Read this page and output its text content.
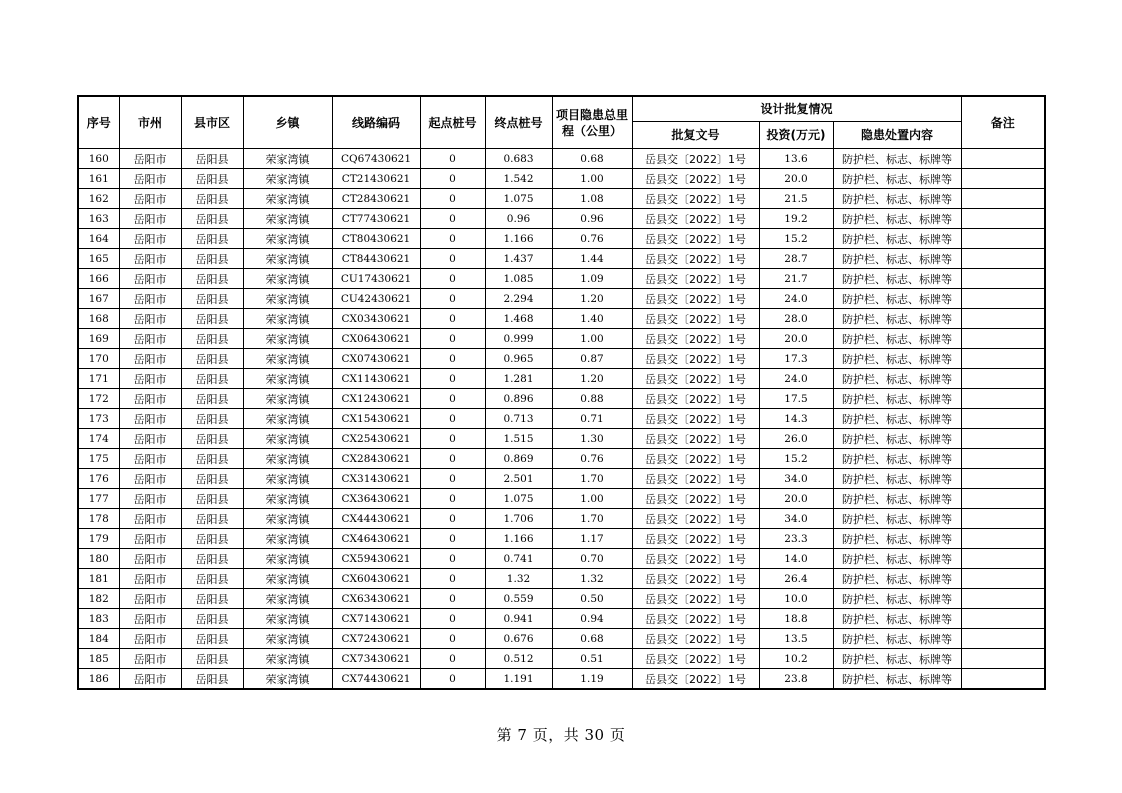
序号	市州	县市区	乡镇	线路编码	起点桩号	终点桩号	项目隐患总里程（公里）	设计批复情况			备注
								批复文号	投资(万元)	隐患处置内容	
160	岳阳市	岳阳县	荣家湾镇	CQ67430621	0	0.683	0.68	岳县交〔2022〕1号	13.6	防护栏、标志、标牌等	
161	岳阳市	岳阳县	荣家湾镇	CT21430621	0	1.542	1.00	岳县交〔2022〕1号	20.0	防护栏、标志、标牌等	
162	岳阳市	岳阳县	荣家湾镇	CT28430621	0	1.075	1.08	岳县交〔2022〕1号	21.5	防护栏、标志、标牌等	
163	岳阳市	岳阳县	荣家湾镇	CT77430621	0	0.96	0.96	岳县交〔2022〕1号	19.2	防护栏、标志、标牌等	
164	岳阳市	岳阳县	荣家湾镇	CT80430621	0	1.166	0.76	岳县交〔2022〕1号	15.2	防护栏、标志、标牌等	
165	岳阳市	岳阳县	荣家湾镇	CT84430621	0	1.437	1.44	岳县交〔2022〕1号	28.7	防护栏、标志、标牌等	
166	岳阳市	岳阳县	荣家湾镇	CU17430621	0	1.085	1.09	岳县交〔2022〕1号	21.7	防护栏、标志、标牌等	
167	岳阳市	岳阳县	荣家湾镇	CU42430621	0	2.294	1.20	岳县交〔2022〕1号	24.0	防护栏、标志、标牌等	
168	岳阳市	岳阳县	荣家湾镇	CX03430621	0	1.468	1.40	岳县交〔2022〕1号	28.0	防护栏、标志、标牌等	
169	岳阳市	岳阳县	荣家湾镇	CX06430621	0	0.999	1.00	岳县交〔2022〕1号	20.0	防护栏、标志、标牌等	
170	岳阳市	岳阳县	荣家湾镇	CX07430621	0	0.965	0.87	岳县交〔2022〕1号	17.3	防护栏、标志、标牌等	
171	岳阳市	岳阳县	荣家湾镇	CX11430621	0	1.281	1.20	岳县交〔2022〕1号	24.0	防护栏、标志、标牌等	
172	岳阳市	岳阳县	荣家湾镇	CX12430621	0	0.896	0.88	岳县交〔2022〕1号	17.5	防护栏、标志、标牌等	
173	岳阳市	岳阳县	荣家湾镇	CX15430621	0	0.713	0.71	岳县交〔2022〕1号	14.3	防护栏、标志、标牌等	
174	岳阳市	岳阳县	荣家湾镇	CX25430621	0	1.515	1.30	岳县交〔2022〕1号	26.0	防护栏、标志、标牌等	
175	岳阳市	岳阳县	荣家湾镇	CX28430621	0	0.869	0.76	岳县交〔2022〕1号	15.2	防护栏、标志、标牌等	
176	岳阳市	岳阳县	荣家湾镇	CX31430621	0	2.501	1.70	岳县交〔2022〕1号	34.0	防护栏、标志、标牌等	
177	岳阳市	岳阳县	荣家湾镇	CX36430621	0	1.075	1.00	岳县交〔2022〕1号	20.0	防护栏、标志、标牌等	
178	岳阳市	岳阳县	荣家湾镇	CX44430621	0	1.706	1.70	岳县交〔2022〕1号	34.0	防护栏、标志、标牌等	
179	岳阳市	岳阳县	荣家湾镇	CX46430621	0	1.166	1.17	岳县交〔2022〕1号	23.3	防护栏、标志、标牌等	
180	岳阳市	岳阳县	荣家湾镇	CX59430621	0	0.741	0.70	岳县交〔2022〕1号	14.0	防护栏、标志、标牌等	
181	岳阳市	岳阳县	荣家湾镇	CX60430621	0	1.32	1.32	岳县交〔2022〕1号	26.4	防护栏、标志、标牌等	
182	岳阳市	岳阳县	荣家湾镇	CX63430621	0	0.559	0.50	岳县交〔2022〕1号	10.0	防护栏、标志、标牌等	
183	岳阳市	岳阳县	荣家湾镇	CX71430621	0	0.941	0.94	岳县交〔2022〕1号	18.8	防护栏、标志、标牌等	
184	岳阳市	岳阳县	荣家湾镇	CX72430621	0	0.676	0.68	岳县交〔2022〕1号	13.5	防护栏、标志、标牌等	
185	岳阳市	岳阳县	荣家湾镇	CX73430621	0	0.512	0.51	岳县交〔2022〕1号	10.2	防护栏、标志、标牌等	
186	岳阳市	岳阳县	荣家湾镇	CX74430621	0	1.191	1.19	岳县交〔2022〕1号	23.8	防护栏、标志、标牌等	
第 7 页，共 30 页
